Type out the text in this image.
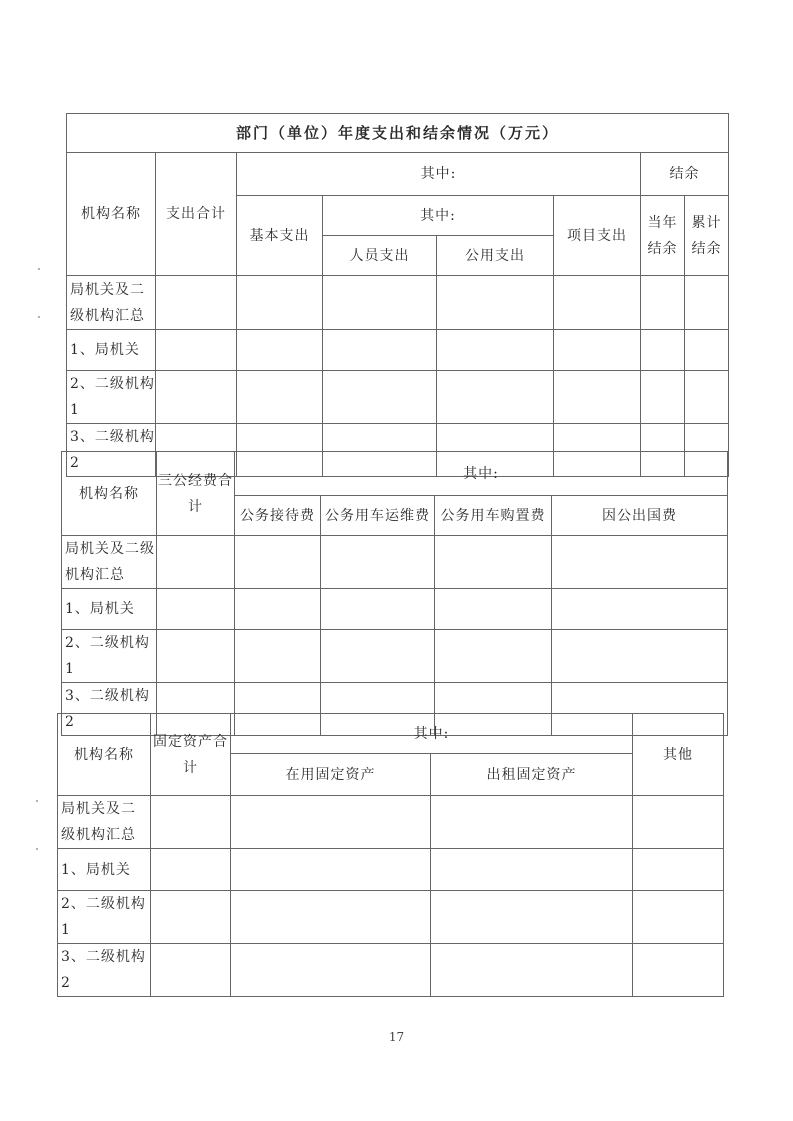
部门（单位）年度支出和结余情况（万元）							
机构名称	支出合计	其中:				结余	
		基本支出	其中:		项目支出	当年结余	累计结余
			人员支出	公用支出			
局机关及二级机构汇总							
1、局机关							
2、二级机构 1							
3、二级机构 2							
机构名称	三公经费合计	其中:			
		公务接待费	公务用车运维费	公务用车购置费	因公出国费
局机关及二级机构汇总					
1、局机关					
2、二级机构 1					
3、二级机构 2					
机构名称	固定资产合计	其中:		其他
		在用固定资产	出租固定资产	
局机关及二级机构汇总				
1、局机关				
2、二级机构 1				
3、二级机构 2				
17
